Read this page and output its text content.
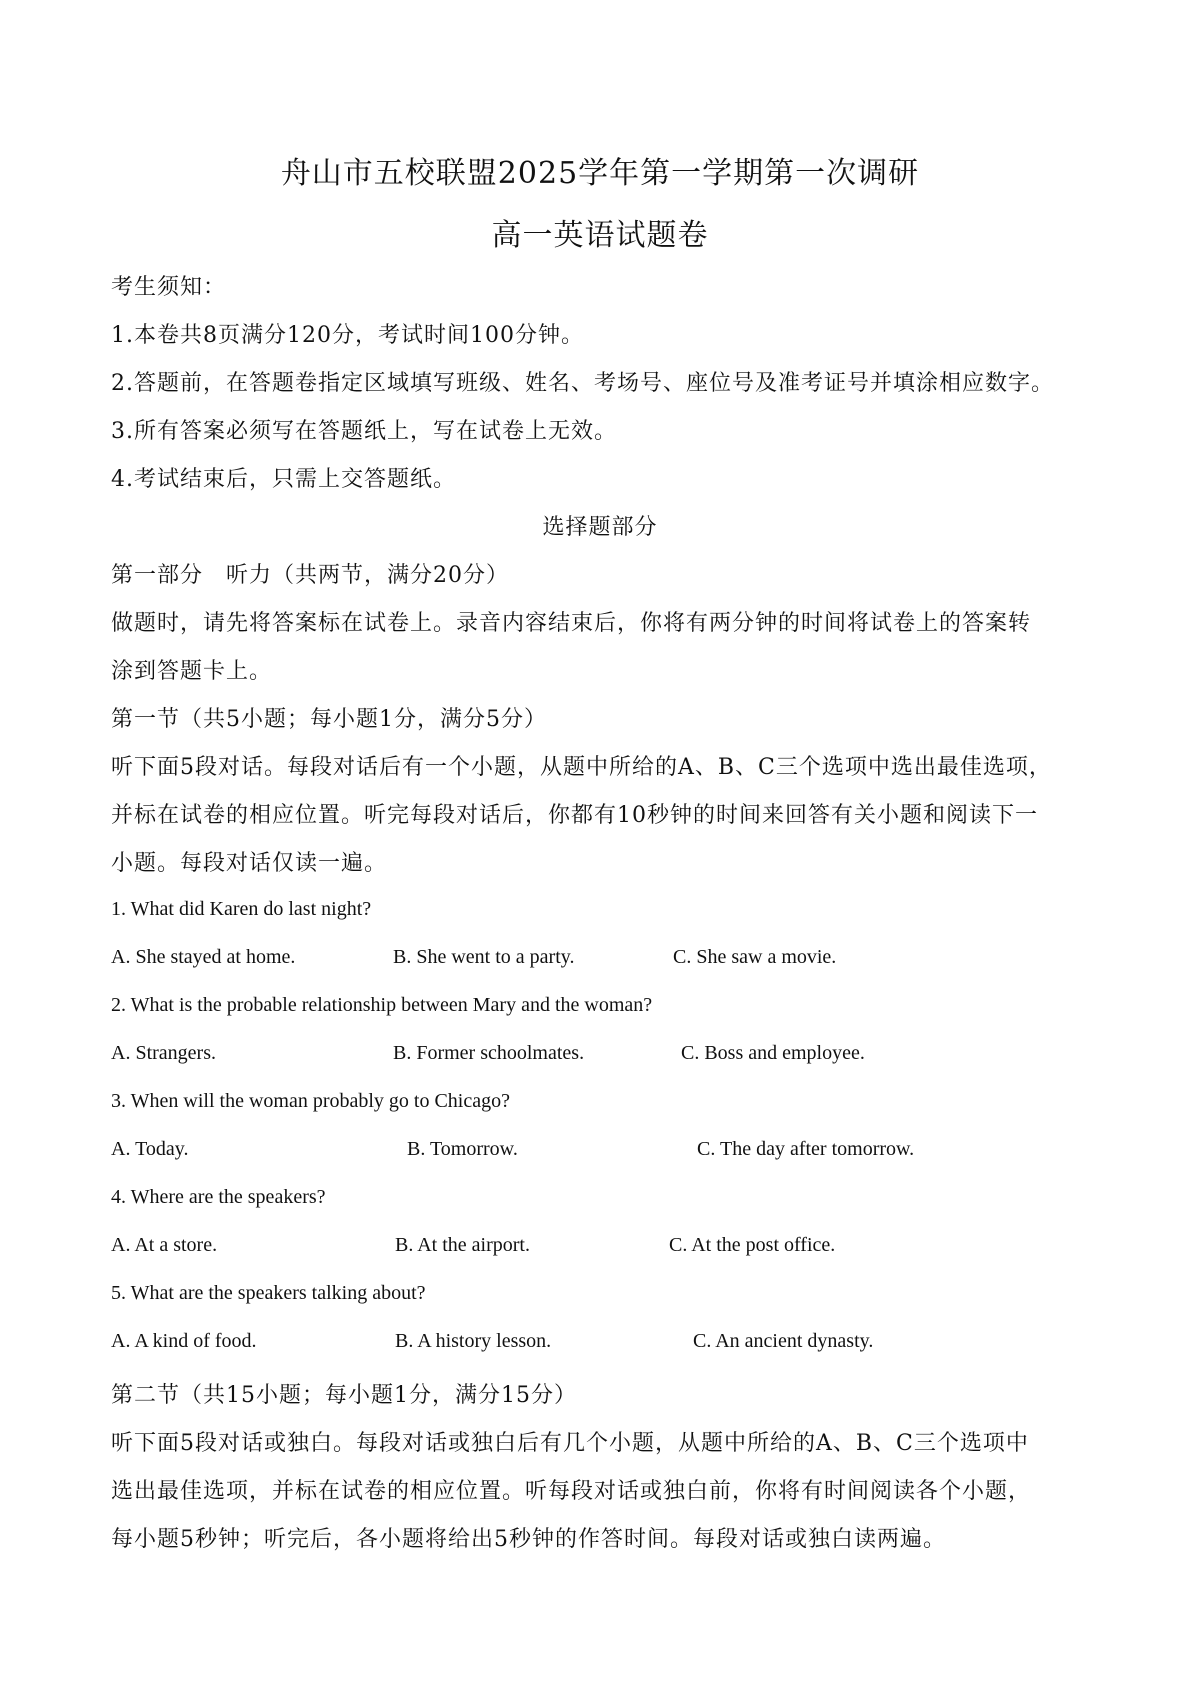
舟山市五校联盟2025学年第一学期第一次调研
高一英语试题卷
考生须知：
1.本卷共8页满分120分，考试时间100分钟。
2.答题前，在答题卷指定区域填写班级、姓名、考场号、座位号及准考证号并填涂相应数字。
3.所有答案必须写在答题纸上，写在试卷上无效。
4.考试结束后，只需上交答题纸。
选择题部分
第一部分　听力（共两节，满分20分）
做题时，请先将答案标在试卷上。录音内容结束后，你将有两分钟的时间将试卷上的答案转
涂到答题卡上。
第一节（共5小题；每小题1分，满分5分）
听下面5段对话。每段对话后有一个小题，从题中所给的A、B、C三个选项中选出最佳选项，
并标在试卷的相应位置。听完每段对话后，你都有10秒钟的时间来回答有关小题和阅读下一
小题。每段对话仅读一遍。
1. What did Karen do last night?
A. She stayed at home.	B. She went to a party.	C. She saw a movie.
2. What is the probable relationship between Mary and the woman?
A. Strangers.	B. Former schoolmates.	C. Boss and employee.
3. When will the woman probably go to Chicago?
A. Today.	B. Tomorrow.	C. The day after tomorrow.
4. Where are the speakers?
A. At a store.	B. At the airport.	C. At the post office.
5. What are the speakers talking about?
A. A kind of food.	B. A history lesson.	C. An ancient dynasty.
第二节（共15小题；每小题1分，满分15分）
听下面5段对话或独白。每段对话或独白后有几个小题，从题中所给的A、B、C三个选项中
选出最佳选项，并标在试卷的相应位置。听每段对话或独白前，你将有时间阅读各个小题，
每小题5秒钟；听完后，各小题将给出5秒钟的作答时间。每段对话或独白读两遍。
